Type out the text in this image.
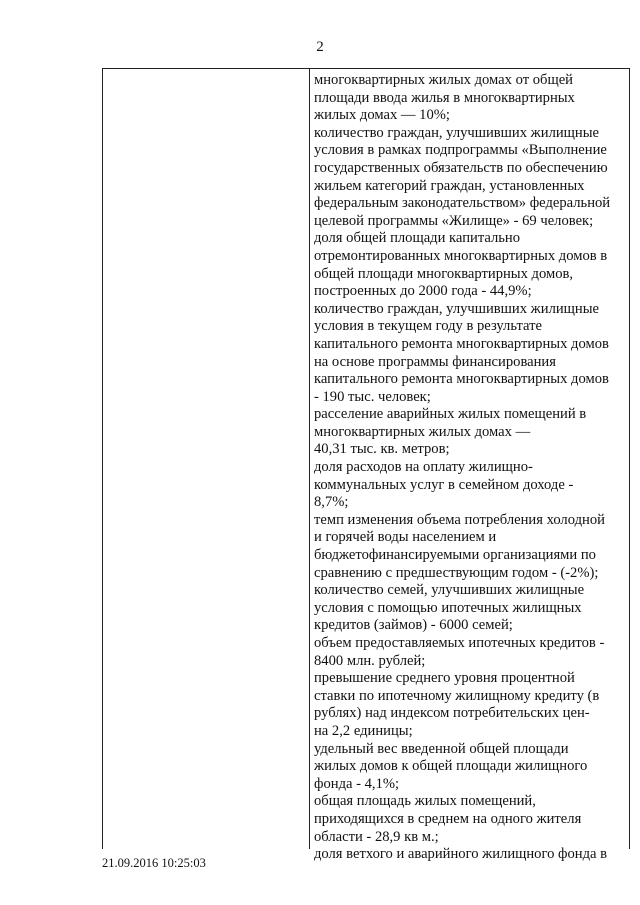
2
многоквартирных жилых домах от общей
площади ввода жилья в многоквартирных
жилых домах — 10%;
количество граждан, улучшивших жилищные
условия в рамках подпрограммы «Выполнение
государственных обязательств по обеспечению
жильем категорий граждан, установленных
федеральным законодательством» федеральной
целевой программы «Жилище» - 69 человек;
доля общей площади капитально
отремонтированных многоквартирных домов в
общей площади многоквартирных домов,
построенных до 2000 года - 44,9%;
количество граждан, улучшивших жилищные
условия в текущем году в результате
капитального ремонта многоквартирных домов
на основе программы финансирования
капитального ремонта многоквартирных домов
- 190 тыс. человек;
расселение аварийных жилых помещений в
многоквартирных жилых домах —
40,31 тыс. кв. метров;
доля расходов на оплату жилищно-
коммунальных услуг в семейном доходе -
8,7%;
темп изменения объема потребления холодной
и горячей воды населением и
бюджетофинансируемыми организациями по
сравнению с предшествующим годом - (-2%);
количество семей, улучшивших жилищные
условия с помощью ипотечных жилищных
кредитов (займов) - 6000 семей;
объем предоставляемых ипотечных кредитов -
8400 млн. рублей;
превышение среднего уровня процентной
ставки по ипотечному жилищному кредиту (в
рублях) над индексом потребительских цен-
на 2,2 единицы;
удельный вес введенной общей площади
жилых домов к общей площади жилищного
фонда - 4,1%;
общая площадь жилых помещений,
приходящихся в среднем на одного жителя
области - 28,9 кв м.;
доля ветхого и аварийного жилищного фонда в
21.09.2016 10:25:03
